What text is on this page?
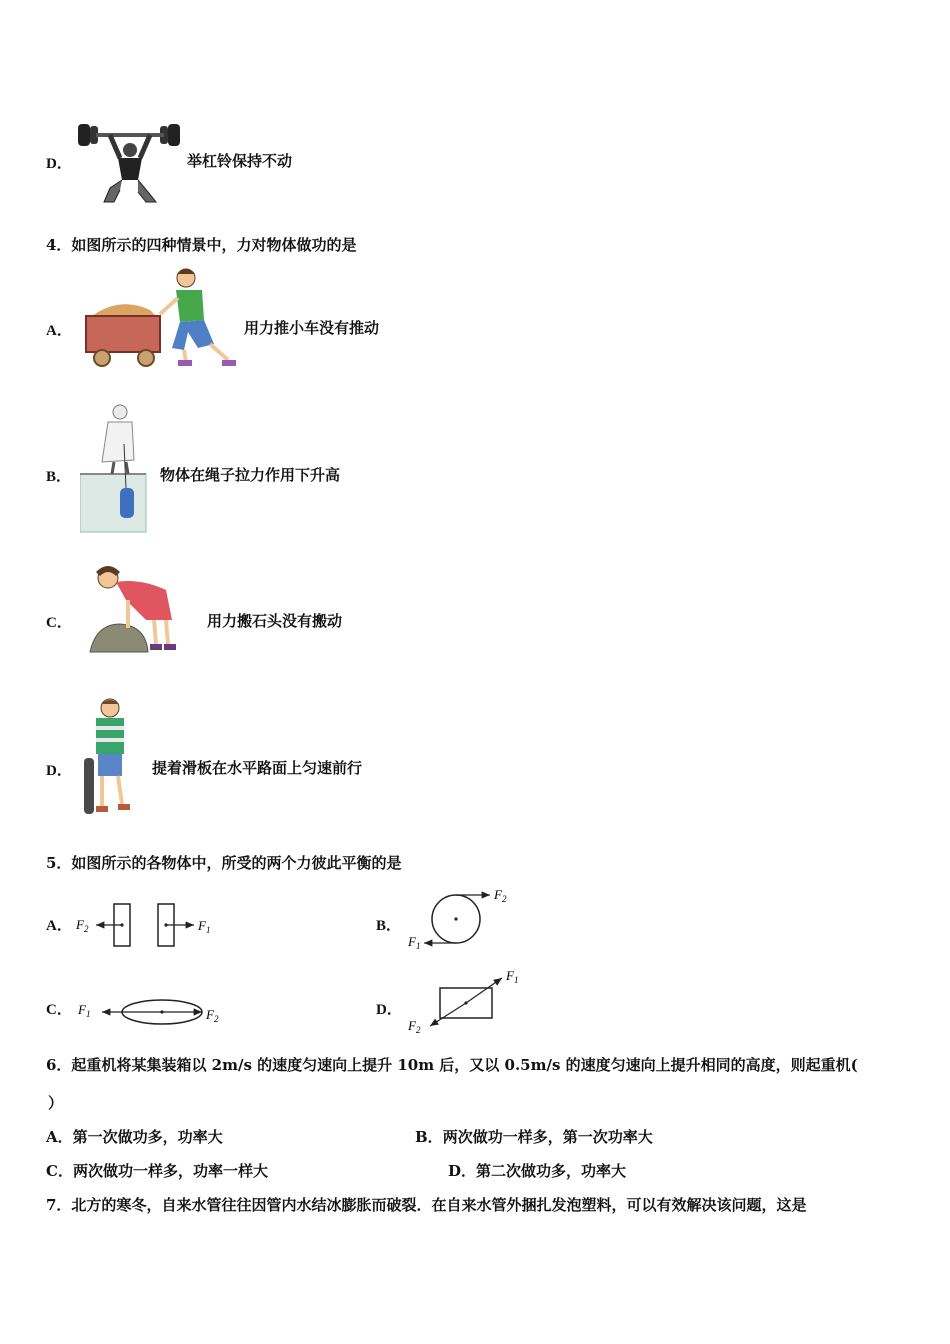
D．	举杠铃保持不动
4．如图所示的四种情景中，力对物体做功的是
A．	用力推小车没有推动
B．	物体在绳子拉力作用下升高
C．	用力搬石头没有搬动
D．	提着滑板在水平路面上匀速前行
5．如图所示的各物体中，所受的两个力彼此平衡的是
A． $F_2$	$F_1$	B．
$F_2$
$F_1$
C． $F_1$	$F_2$
D．
$F_1$
$F_2$
6．起重机将某集装箱以 2m/s 的速度匀速向上提升 10m 后，又以 0.5m/s 的速度匀速向上提升相同的高度，则起重机(
）
A．第一次做功多，功率大	B．两次做功一样多，第一次功率大
C．两次做功一样多，功率一样大	D．第二次做功多，功率大
7．北方的寒冬，自来水管往往因管内水结冰膨胀而破裂．在自来水管外捆扎发泡塑料，可以有效解决该问题，这是
